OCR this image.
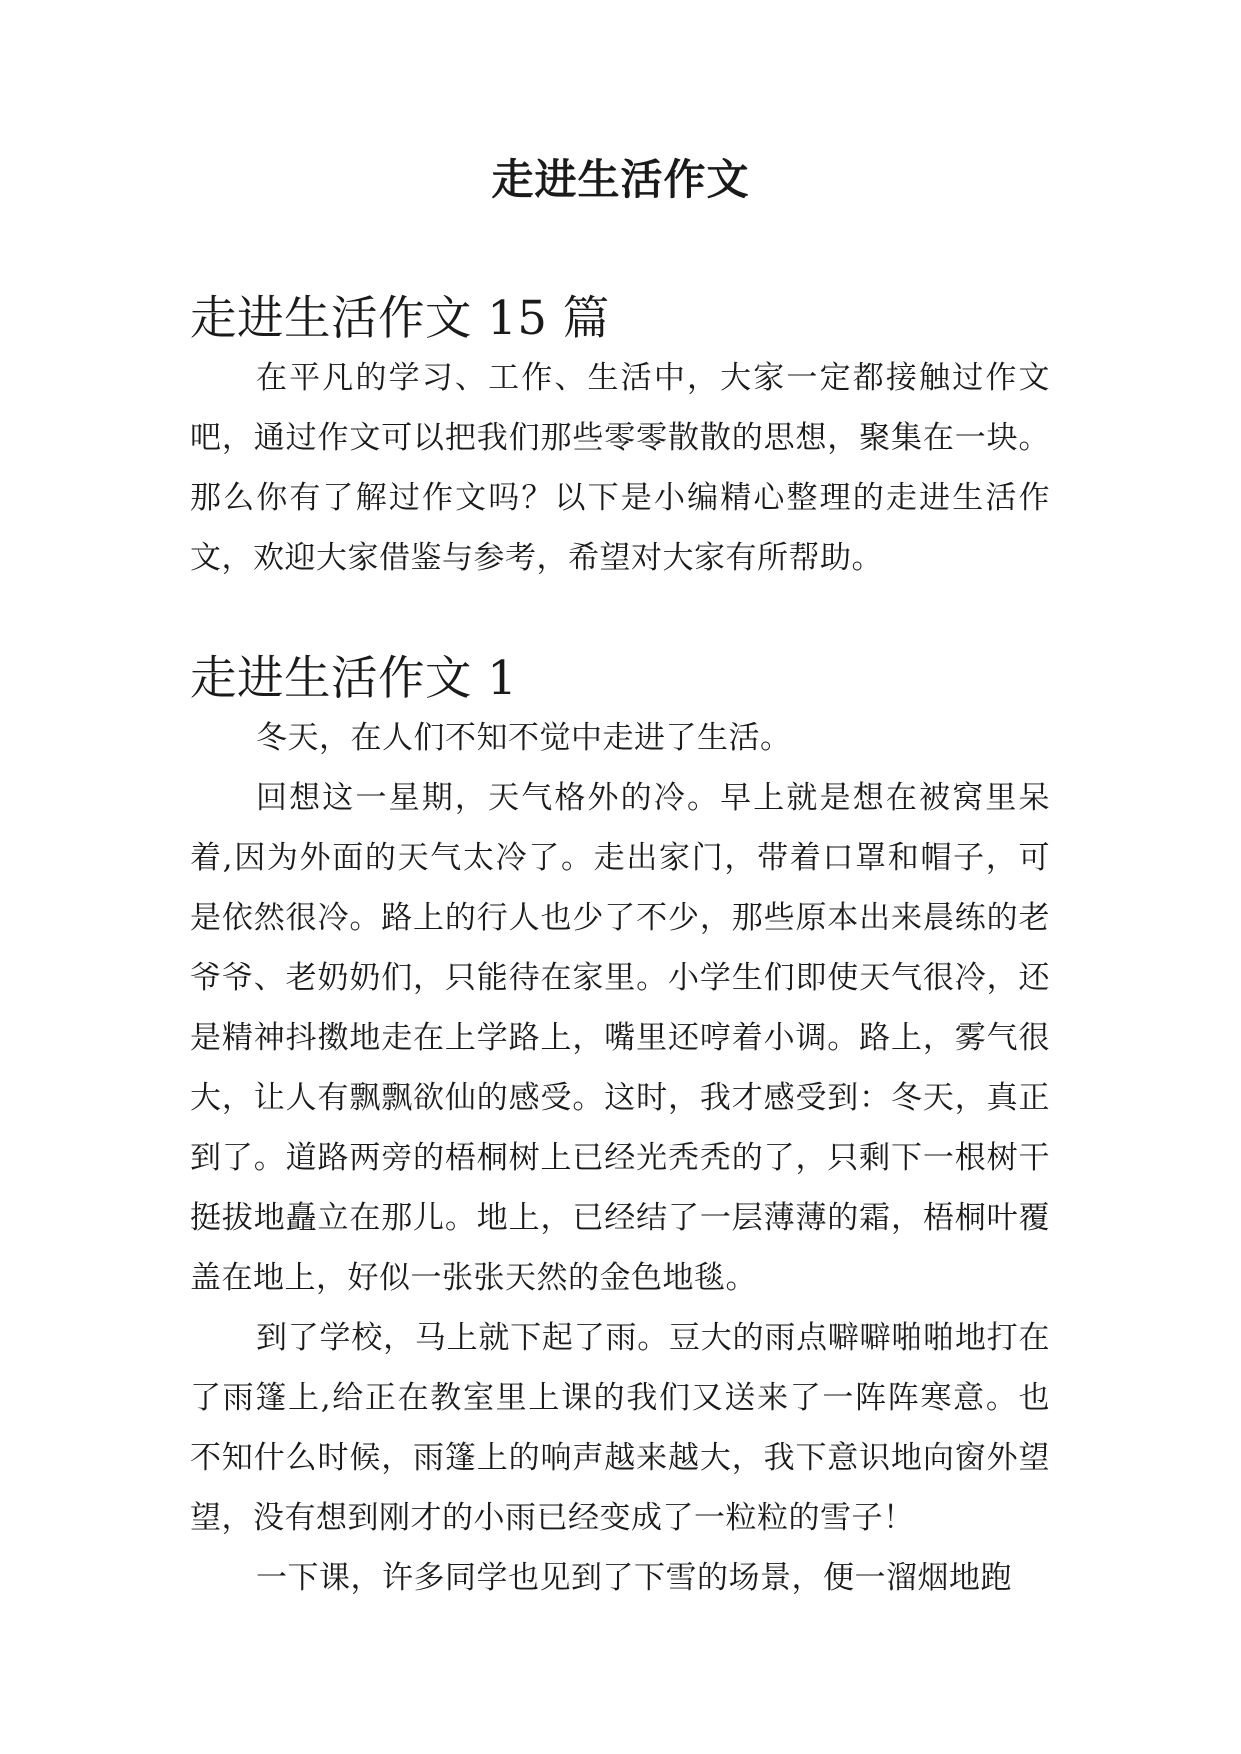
走进生活作文
走进生活作文 15 篇

在平凡的学习、工作、生活中，大家一定都接触过作文吧，通过作文可以把我们那些零零散散的思想，聚集在一块。那么你有了解过作文吗？以下是小编精心整理的走进生活作文，欢迎大家借鉴与参考，希望对大家有所帮助。

走进生活作文 1

冬天，在人们不知不觉中走进了生活。

回想这一星期，天气格外的冷。早上就是想在被窝里呆着,因为外面的天气太冷了。走出家门，带着口罩和帽子，可是依然很冷。路上的行人也少了不少，那些原本出来晨练的老爷爷、老奶奶们，只能待在家里。小学生们即使天气很冷，还是精神抖擞地走在上学路上，嘴里还哼着小调。路上，雾气很大，让人有飘飘欲仙的感受。这时，我才感受到：冬天，真正到了。道路两旁的梧桐树上已经光秃秃的了，只剩下一根树干挺拔地矗立在那儿。地上，已经结了一层薄薄的霜，梧桐叶覆盖在地上，好似一张张天然的金色地毯。

到了学校，马上就下起了雨。豆大的雨点噼噼啪啪地打在了雨篷上,给正在教室里上课的我们又送来了一阵阵寒意。也不知什么时候，雨篷上的响声越来越大，我下意识地向窗外望望，没有想到刚才的小雨已经变成了一粒粒的雪子！

一下课，许多同学也见到了下雪的场景，便一溜烟地跑
